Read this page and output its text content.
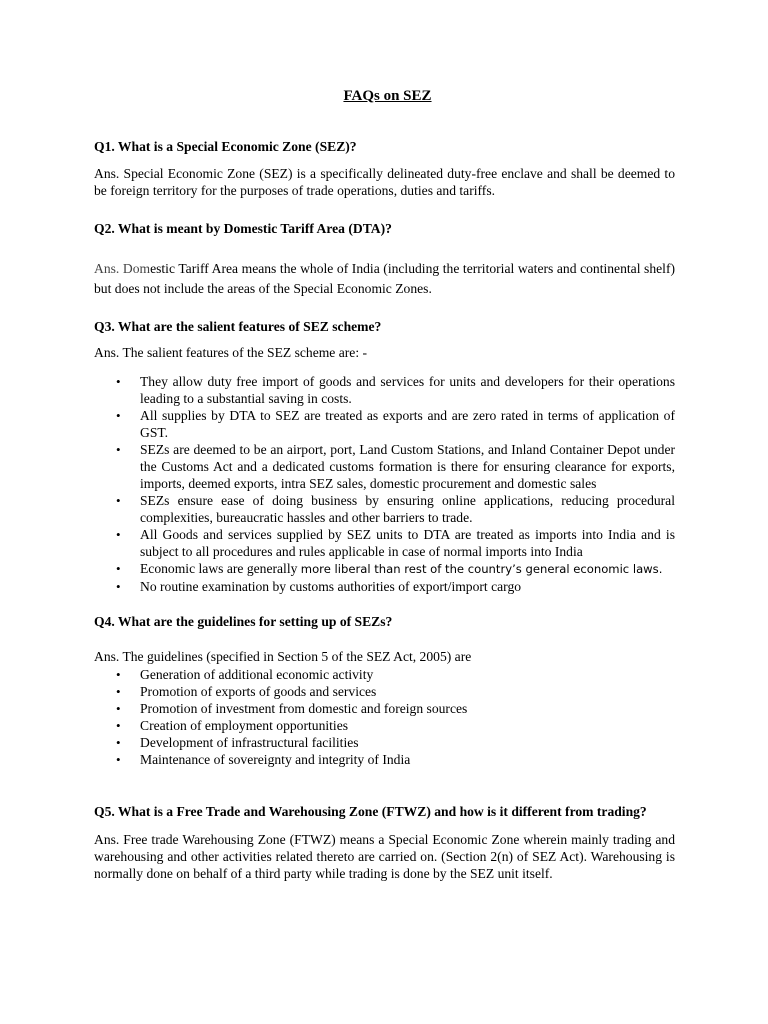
FAQs on SEZ

Q1. What is a Special Economic Zone (SEZ)?

Ans. Special Economic Zone (SEZ) is a specifically delineated duty-free enclave and shall be deemed to be foreign territory for the purposes of trade operations, duties and tariffs.

Q2. What is meant by Domestic Tariff Area (DTA)?

Ans. Domestic Tariff Area means the whole of India (including the territorial waters and continental shelf) but does not include the areas of the Special Economic Zones.

Q3. What are the salient features of SEZ scheme?

Ans. The salient features of the SEZ scheme are: -

• They allow duty free import of goods and services for units and developers for their operations leading to a substantial saving in costs.
• All supplies by DTA to SEZ are treated as exports and are zero rated in terms of application of GST.
• SEZs are deemed to be an airport, port, Land Custom Stations, and Inland Container Depot under the Customs Act and a dedicated customs formation is there for ensuring clearance for exports, imports, deemed exports, intra SEZ sales, domestic procurement and domestic sales
• SEZs ensure ease of doing business by ensuring online applications, reducing procedural complexities, bureaucratic hassles and other barriers to trade.
• All Goods and services supplied by SEZ units to DTA are treated as imports into India and is subject to all procedures and rules applicable in case of normal imports into India
• Economic laws are generally more liberal than rest of the country’s general economic laws.
• No routine examination by customs authorities of export/import cargo

Q4. What are the guidelines for setting up of SEZs?

Ans. The guidelines (specified in Section 5 of the SEZ Act, 2005) are

• Generation of additional economic activity
• Promotion of exports of goods and services
• Promotion of investment from domestic and foreign sources
• Creation of employment opportunities
• Development of infrastructural facilities
• Maintenance of sovereignty and integrity of India

Q5. What is a Free Trade and Warehousing Zone (FTWZ) and how is it different from trading?

Ans. Free trade Warehousing Zone (FTWZ) means a Special Economic Zone wherein mainly trading and warehousing and other activities related thereto are carried on. (Section 2(n) of SEZ Act). Warehousing is normally done on behalf of a third party while trading is done by the SEZ unit itself.
